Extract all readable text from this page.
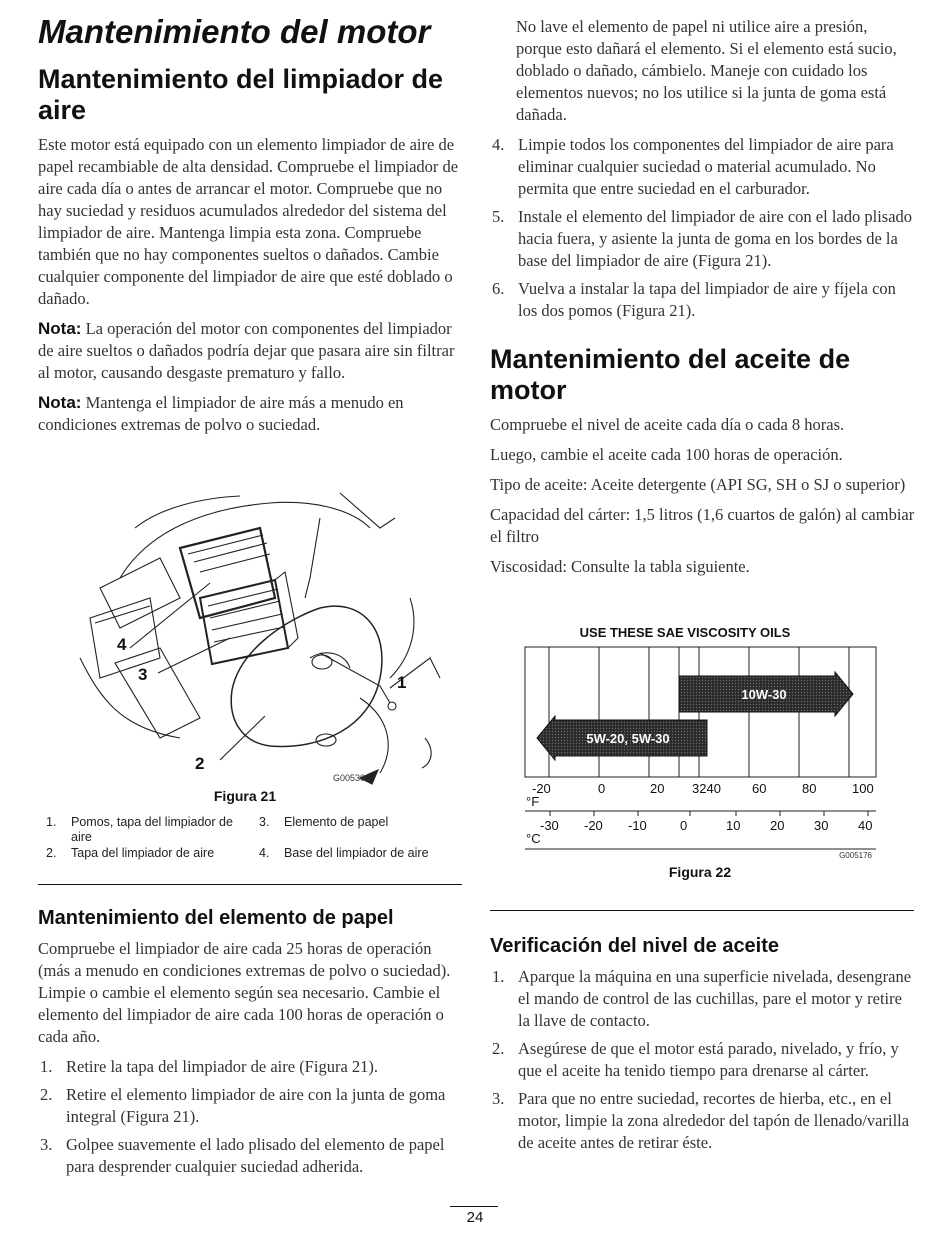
Mantenimiento del motor
Mantenimiento del limpiador de aire

Este motor está equipado con un elemento limpiador de aire de papel recambiable de alta densidad. Compruebe el limpiador de aire cada día o antes de arrancar el motor. Compruebe que no hay suciedad y residuos acumulados alrededor del sistema del limpiador de aire. Mantenga limpia esta zona. Compruebe también que no hay componentes sueltos o dañados. Cambie cualquier componente del limpiador de aire que esté doblado o dañado.

Nota: La operación del motor con componentes del limpiador de aire sueltos o dañados podría dejar que pasara aire sin filtrar al motor, causando desgaste prematuro y fallo.

Nota: Mantenga el limpiador de aire más a menudo en condiciones extremas de polvo o suciedad.

4
3	1
2
G005300
Figura 21
1.	Pomos, tapa del limpiador de aire	3.	Elemento de papel
2.	Tapa del limpiador de aire	4.	Base del limpiador de aire
Mantenimiento del elemento de papel

Compruebe el limpiador de aire cada 25 horas de operación (más a menudo en condiciones extremas de polvo o suciedad). Limpie o cambie el elemento según sea necesario. Cambie el elemento del limpiador de aire cada 100 horas de operación o cada año.

1. Retire la tapa del limpiador de aire (Figura 21).
2. Retire el elemento limpiador de aire con la junta de goma integral (Figura 21).
3. Golpee suavemente el lado plisado del elemento de papel para desprender cualquier suciedad adherida.

No lave el elemento de papel ni utilice aire a presión, porque esto dañará el elemento. Si el elemento está sucio, doblado o dañado, cámbielo. Maneje con cuidado los elementos nuevos; no los utilice si la junta de goma está dañada.

4. Limpie todos los componentes del limpiador de aire para eliminar cualquier suciedad o material acumulado. No permita que entre suciedad en el carburador.
5. Instale el elemento del limpiador de aire con el lado plisado hacia fuera, y asiente la junta de goma en los bordes de la base del limpiador de aire (Figura 21).
6. Vuelva a instalar la tapa del limpiador de aire y fíjela con los dos pomos (Figura 21).
Mantenimiento del aceite de motor

Compruebe el nivel de aceite cada día o cada 8 horas.

Luego, cambie el aceite cada 100 horas de operación.

Tipo de aceite: Aceite detergente (API SG, SH o SJ o superior)

Capacidad del cárter: 1,5 litros (1,6 cuartos de galón) al cambiar el filtro

Viscosidad: Consulte la tabla siguiente.

USE THESE SAE VISCOSITY OILS
10W-30
5W-20, 5W-30
-20	0	20 3240 60	80	100
°F
-30 -20 -10	0	10 20 30 40
°C
G005176
Figura 22
Verificación del nivel de aceite
1. Aparque la máquina en una superficie nivelada, desengrane el mando de control de las cuchillas, pare el motor y retire la llave de contacto.
2. Asegúrese de que el motor está parado, nivelado, y frío, y que el aceite ha tenido tiempo para drenarse al cárter.
3. Para que no entre suciedad, recortes de hierba, etc., en el motor, limpie la zona alrededor del tapón de llenado/varilla de aceite antes de retirar éste.
24
